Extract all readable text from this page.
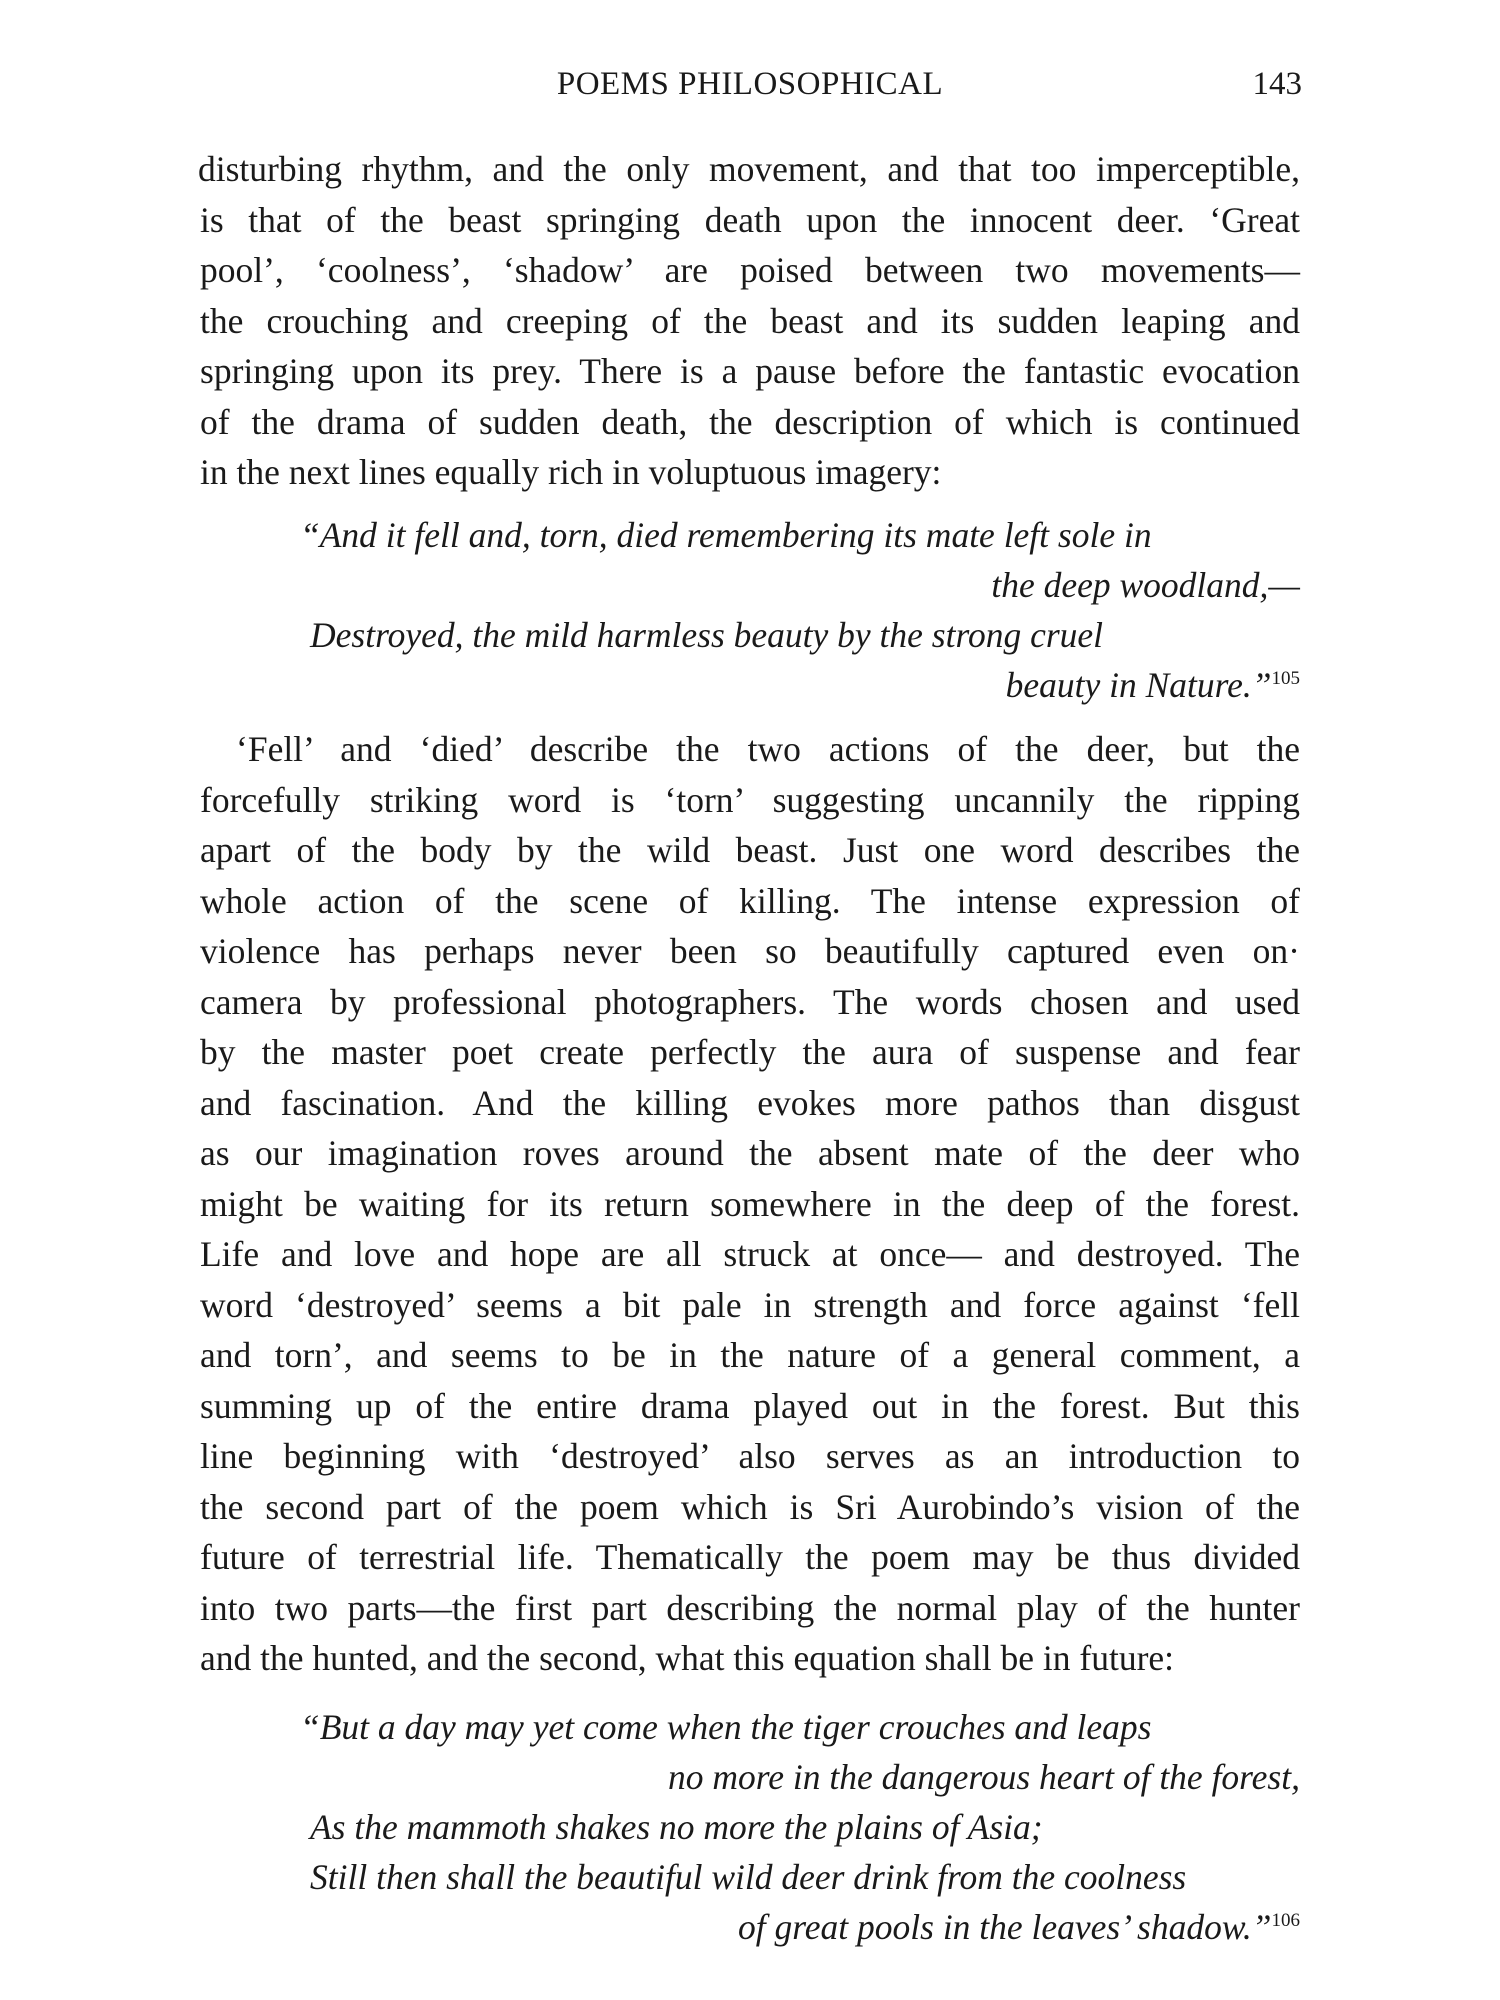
POEMS PHILOSOPHICAL	143
disturbing rhythm, and the only movement, and that too imperceptible,
is that of the beast springing death upon the innocent deer. ‘Great
pool’, ‘coolness’, ‘shadow’ are poised between two movements—
the crouching and creeping of the beast and its sudden leaping and
springing upon its prey. There is a pause before the fantastic evocation
of the drama of sudden death, the description of which is continued
in the next lines equally rich in voluptuous imagery:
“And it fell and, torn, died remembering its mate left sole in
the deep woodland,—
Destroyed, the mild harmless beauty by the strong cruel
beauty in Nature.”$^{105}$
‘Fell’ and ‘died’ describe the two actions of the deer, but the
forcefully striking word is ‘torn’ suggesting uncannily the ripping
apart of the body by the wild beast. Just one word describes the
whole action of the scene of killing. The intense expression of
violence has perhaps never been so beautifully captured even on·
camera by professional photographers. The words chosen and used
by the master poet create perfectly the aura of suspense and fear
and fascination. And the killing evokes more pathos than disgust
as our imagination roves around the absent mate of the deer who
might be waiting for its return somewhere in the deep of the forest.
Life and love and hope are all struck at once— and destroyed. The
word ‘destroyed’ seems a bit pale in strength and force against ‘fell
and torn’, and seems to be in the nature of a general comment, a
summing up of the entire drama played out in the forest. But this
line beginning with ‘destroyed’ also serves as an introduction to
the second part of the poem which is Sri Aurobindo’s vision of the
future of terrestrial life. Thematically the poem may be thus divided
into two parts—the first part describing the normal play of the hunter
and the hunted, and the second, what this equation shall be in future:
“But a day may yet come when the tiger crouches and leaps
no more in the dangerous heart of the forest,
As the mammoth shakes no more the plains of Asia;
Still then shall the beautiful wild deer drink from the coolness
of great pools in the leaves’ shadow.”$^{106}$
